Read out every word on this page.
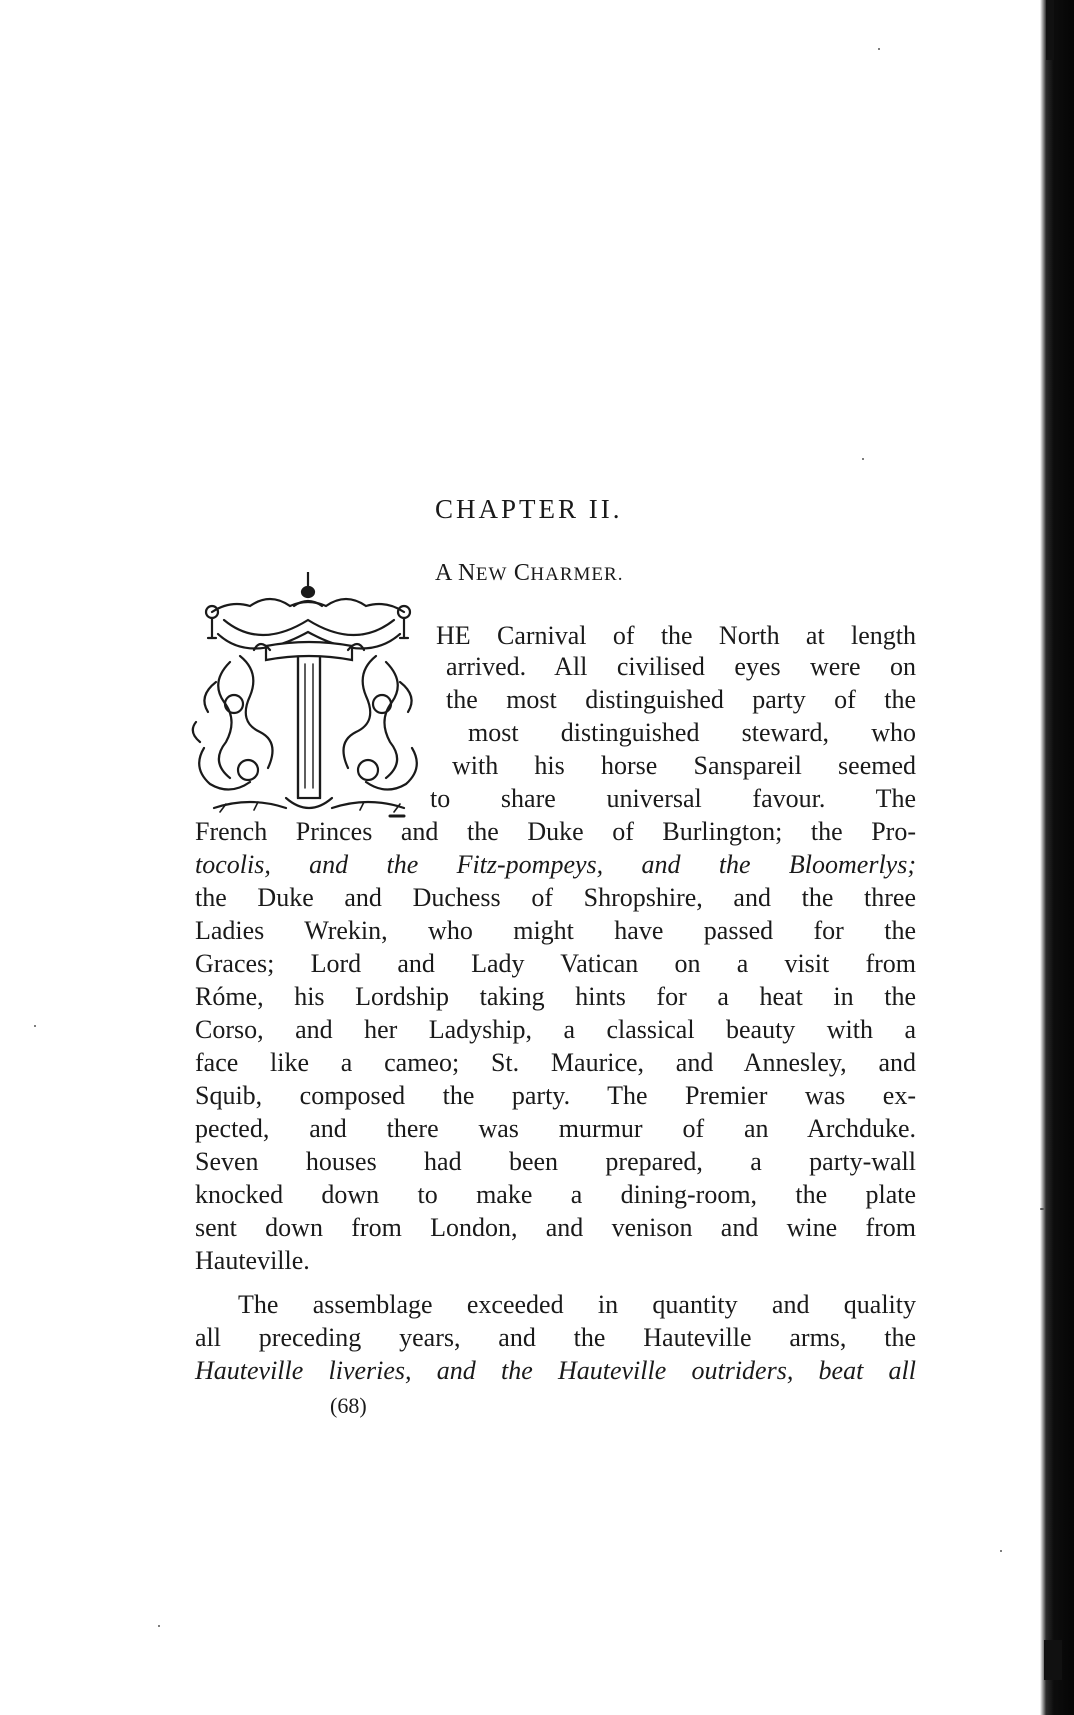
CHAPTER II.
A NEW CHARMER.
HE Carnival of the North at length
arrived. All civilised eyes were on
the most distinguished party of the
most distinguished steward, who
with his horse Sanspareil seemed
to share universal favour. The
French Princes and the Duke of Burlington; the Pro-
tocolis, and the Fitz-pompeys, and the Bloomerlys;
the Duke and Duchess of Shropshire, and the three
Ladies Wrekin, who might have passed for the
Graces; Lord and Lady Vatican on a visit from
Róme, his Lordship taking hints for a heat in the
Corso, and her Ladyship, a classical beauty with a
face like a cameo; St. Maurice, and Annesley, and
Squib, composed the party. The Premier was ex-
pected, and there was murmur of an Archduke.
Seven houses had been prepared, a party-wall
knocked down to make a dining-room, the plate
sent down from London, and venison and wine from
Hauteville.
The assemblage exceeded in quantity and quality
all preceding years, and the Hauteville arms, the
Hauteville liveries, and the Hauteville outriders, beat all
(68)
